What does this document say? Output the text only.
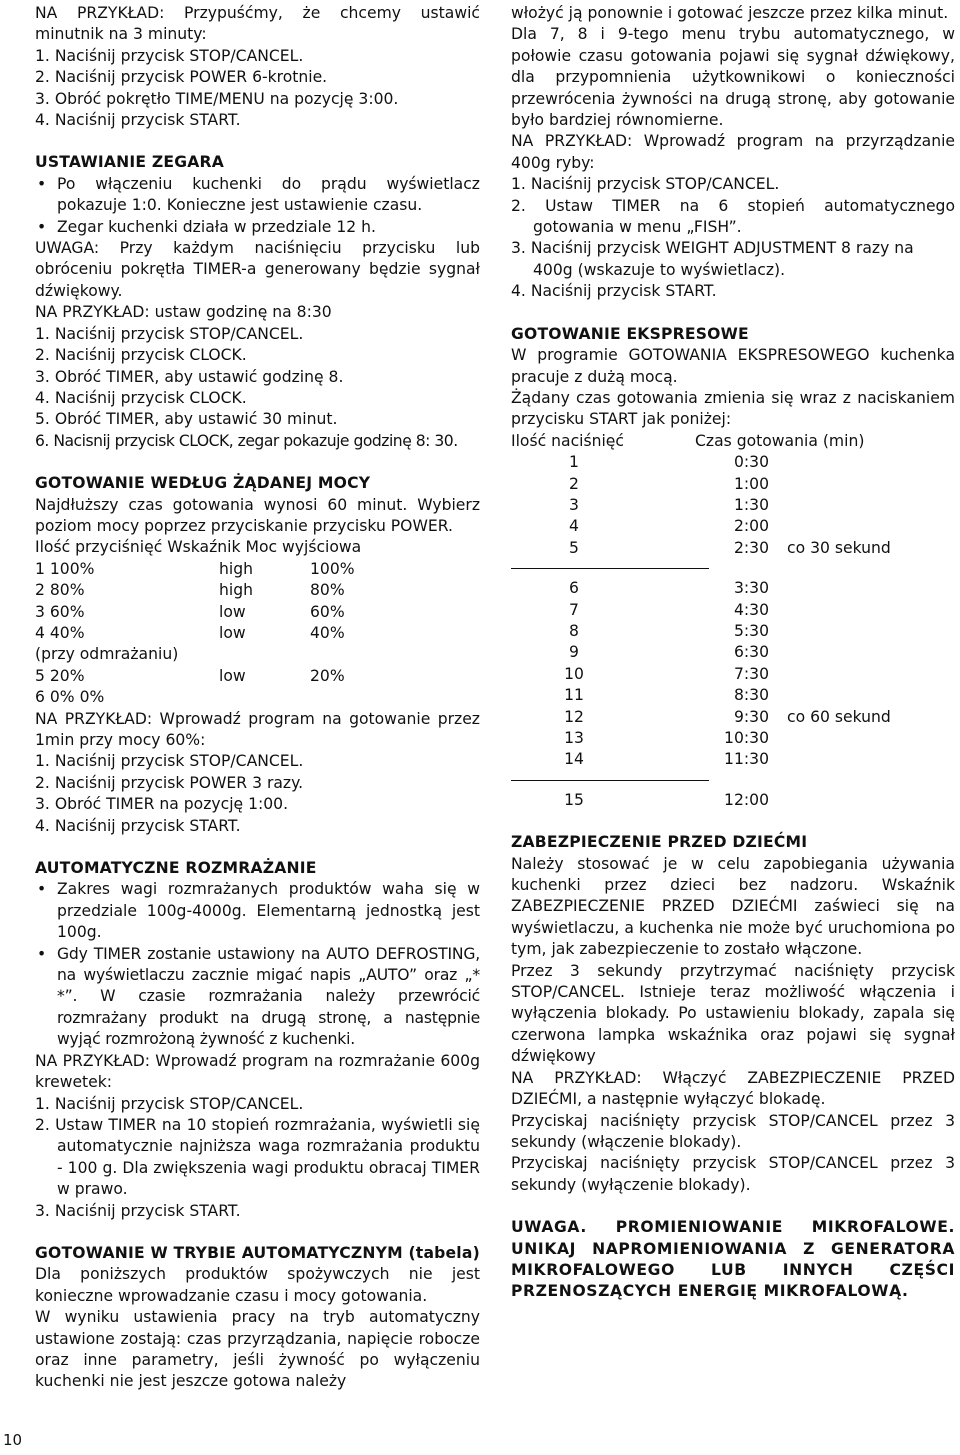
NA PRZYKŁAD: Przypuśćmy, że chcemy ustawić minutnik na 3 minuty:

1. Naciśnij przycisk STOP/CANCEL.

2. Naciśnij przycisk POWER 6-krotnie.

3. Obróć pokrętło TIME/MENU na pozycję 3:00.

4. Naciśnij przycisk START.

USTAWIANIE ZEGARA

• Po włączeniu kuchenki do prądu wyświetlacz pokazuje 1:0. Konieczne jest ustawienie czasu.

• Zegar kuchenki działa w przedziale 12 h.

UWAGA: Przy każdym naciśnięciu przycisku lub obróceniu pokrętła TIMER-a generowany będzie sygnał dźwiękowy.

NA PRZYKŁAD: ustaw godzinę na 8:30

1. Naciśnij przycisk STOP/CANCEL.

2. Naciśnij przycisk CLOCK.

3. Obróć TIMER, aby ustawić godzinę 8.

4. Naciśnij przycisk CLOCK.

5. Obróć TIMER, aby ustawić 30 minut.

6. Nacisnij przycisk CLOCK, zegar pokazuje godzinę 8: 30.

GOTOWANIE WEDŁUG ŻĄDANEJ MOCY

Najdłuższy czas gotowania wynosi 60 minut. Wybierz poziom mocy poprzez przyciskanie przycisku POWER.

Ilość przyciśnięć Wskaźnik Moc wyjściowa
1 100%	high	100%
2 80%	high	80%
3 60%	low	60%
4 40%	low	40%

(przy odmrażaniu)

5 20%	low	20%

6 0% 0%

NA PRZYKŁAD: Wprowadź program na gotowanie przez 1min przy mocy 60%:

1. Naciśnij przycisk STOP/CANCEL.

2. Naciśnij przycisk POWER 3 razy.

3. Obróć TIMER na pozycję 1:00.

4. Naciśnij przycisk START.

AUTOMATYCZNE ROZMRAŻANIE

• Zakres wagi rozmrażanych produktów waha się w przedziale 100g-4000g. Elementarną jednostką jest 100g.

• Gdy TIMER zostanie ustawiony na AUTO DEFROSTING, na wyświetlaczu zacznie migać napis „AUTO” oraz „* *”. W czasie rozmrażania należy przewrócić rozmrażany produkt na drugą stronę, a następnie wyjąć rozmrożoną żywność z kuchenki.

NA PRZYKŁAD: Wprowadź program na rozmrażanie 600g krewetek:

1. Naciśnij przycisk STOP/CANCEL.

2. Ustaw TIMER na 10 stopień rozmrażania, wyświetli się automatycznie najniższa waga rozmrażania produktu - 100 g. Dla zwiększenia wagi produktu obracaj TIMER w prawo.

3. Naciśnij przycisk START.

GOTOWANIE W TRYBIE AUTOMATYCZNYM (tabela)

Dla poniższych produktów spożywczych nie jest konieczne wprowadzanie czasu i mocy gotowania.

W wyniku ustawienia pracy na tryb automatyczny ustawione zostają: czas przyrządzania, napięcie robocze oraz inne parametry, jeśli żywność po wyłączeniu kuchenki nie jest jeszcze gotowa należy

włożyć ją ponownie i gotować jeszcze przez kilka minut.

Dla 7, 8 i 9-tego menu trybu automatycznego, w połowie czasu gotowania pojawi się sygnał dźwiękowy, dla przypomnienia użytkownikowi o konieczności przewrócenia żywności na drugą stronę, aby gotowanie było bardziej równomierne.

NA PRZYKŁAD: Wprowadź program na przyrządzanie 400g ryby:

1. Naciśnij przycisk STOP/CANCEL.

2. Ustaw TIMER na 6 stopień automatycznego gotowania w menu „FISH”.

3. Naciśnij przycisk WEIGHT ADJUSTMENT 8 razy na 400g (wskazuje to wyświetlacz).

4. Naciśnij przycisk START.

GOTOWANIE EKSPRESOWE

W programie GOTOWANIA EKSPRESOWEGO kuchenka pracuje z dużą mocą.

Żądany czas gotowania zmienia się wraz z naciskaniem przycisku START jak poniżej:

Ilość naciśnięć	Czas gotowania (min)
1	0:30
2	1:00
3	1:30
4	2:00
5	2:30 co 30 sekund
6	3:30
7	4:30
8	5:30
9	6:30
10	7:30
11	8:30
12	9:30 co 60 sekund
13	10:30
14	11:30
15	12:00

ZABEZPIECZENIE PRZED DZIEĆMI

Należy stosować je w celu zapobiegania używania kuchenki przez dzieci bez nadzoru. Wskaźnik ZABEZPIECZENIE PRZED DZIEĆMI zaświeci się na wyświetlaczu, a kuchenka nie może być uruchomiona po tym, jak zabezpieczenie to zostało włączone.

Przez 3 sekundy przytrzymać naciśnięty przycisk STOP/CANCEL. Istnieje teraz możliwość włączenia i wyłączenia blokady. Po ustawieniu blokady, zapala się czerwona lampka wskaźnika oraz pojawi się sygnał dźwiękowy

NA PRZYKŁAD: Włączyć ZABEZPIECZENIE PRZED DZIEĆMI, a następnie wyłączyć blokadę.

Przyciskaj naciśnięty przycisk STOP/CANCEL przez 3 sekundy (włączenie blokady).

Przyciskaj naciśnięty przycisk STOP/CANCEL przez 3 sekundy (wyłączenie blokady).

UWAGA. PROMIENIOWANIE MIKROFALOWE. UNIKAJ NAPROMIENIOWANIA Z GENERATORA MIKROFALOWEGO LUB INNYCH CZĘŚCI PRZENOSZĄCYCH ENERGIĘ MIKROFALOWĄ.

10
